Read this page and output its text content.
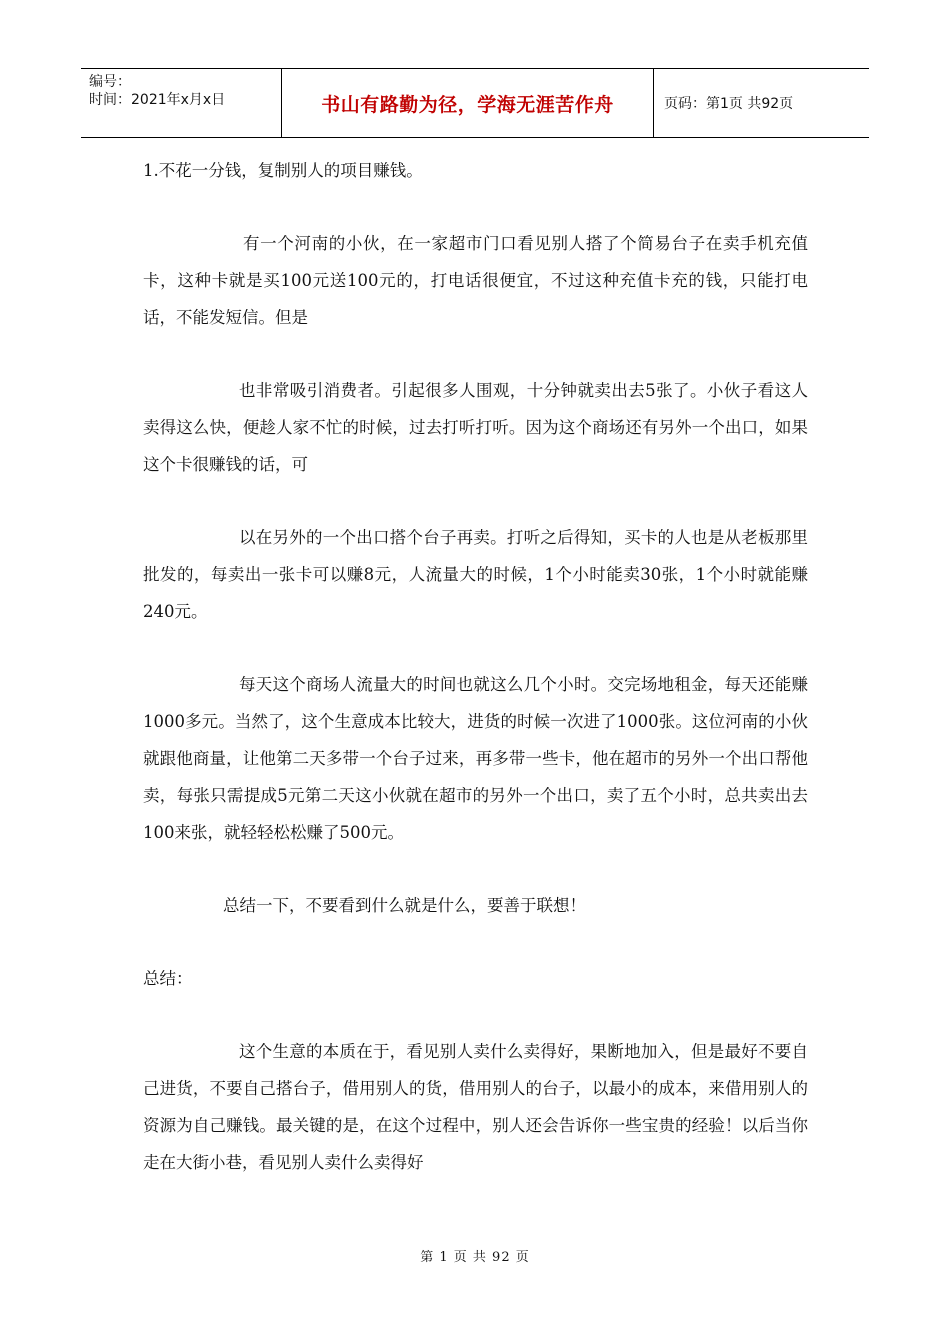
编号：
时间：2021年x月x日	书山有路勤为径，学海无涯苦作舟	页码：第1页 共92页

1.不花一分钱，复制别人的项目赚钱。

有一个河南的小伙，在一家超市门口看见别人搭了个简易台子在卖手机充值卡，这种卡就是买100元送100元的，打电话很便宜，不过这种充值卡充的钱，只能打电话，不能发短信。但是

也非常吸引消费者。引起很多人围观，十分钟就卖出去5张了。小伙子看这人卖得这么快，便趁人家不忙的时候，过去打听打听。因为这个商场还有另外一个出口，如果这个卡很赚钱的话，可

以在另外的一个出口搭个台子再卖。打听之后得知，买卡的人也是从老板那里批发的，每卖出一张卡可以赚8元，人流量大的时候，1个小时能卖30张，1个小时就能赚240元。

每天这个商场人流量大的时间也就这么几个小时。交完场地租金，每天还能赚1000多元。当然了，这个生意成本比较大，进货的时候一次进了1000张。这位河南的小伙就跟他商量，让他第二天多带一个台子过来，再多带一些卡，他在超市的另外一个出口帮他卖，每张只需提成5元第二天这小伙就在超市的另外一个出口，卖了五个小时，总共卖出去100来张，就轻轻松松赚了500元。

总结一下，不要看到什么就是什么，要善于联想！

总结：

这个生意的本质在于，看见别人卖什么卖得好，果断地加入，但是最好不要自己进货，不要自己搭台子，借用别人的货，借用别人的台子，以最小的成本，来借用别人的资源为自己赚钱。最关键的是，在这个过程中，别人还会告诉你一些宝贵的经验！以后当你走在大街小巷，看见别人卖什么卖得好

第 1 页 共 92 页
